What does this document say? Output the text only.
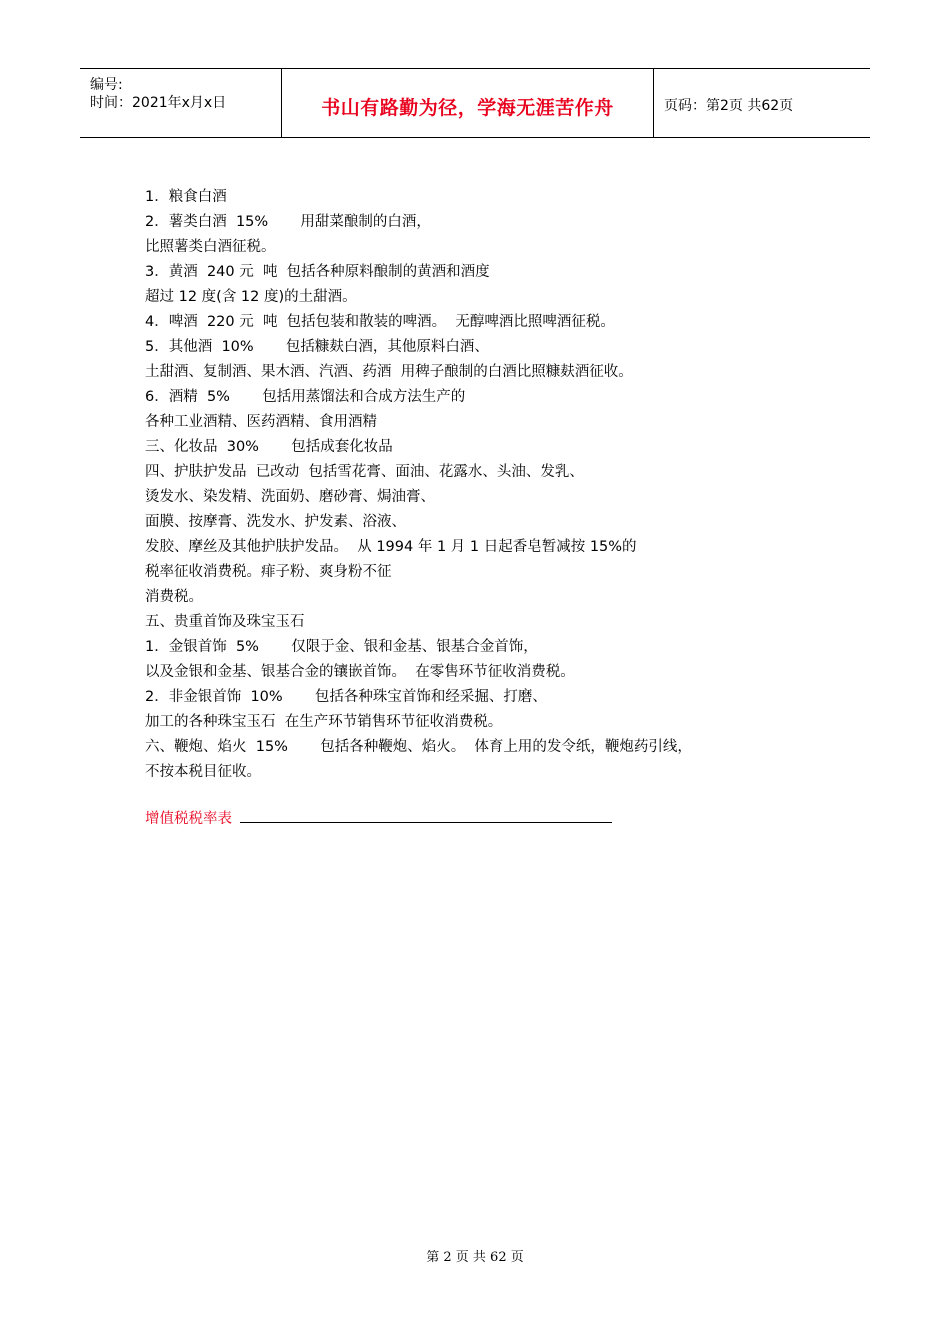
编号:
时间：2021年x月x日	书山有路勤为径，学海无涯苦作舟	页码：第2页 共62页
1．粮食白酒
2．薯类白酒  15%       用甜菜酿制的白酒，
比照薯类白酒征税。
3．黄酒  240 元  吨  包括各种原料酿制的黄酒和酒度
超过 12 度(含 12 度)的土甜酒。
4．啤酒  220 元  吨  包括包装和散装的啤酒。  无醇啤酒比照啤酒征税。
5．其他酒  10%       包括糠麸白酒，其他原料白酒、
土甜酒、复制酒、果木酒、汽酒、药酒  用稗子酿制的白酒比照糠麸酒征收。
6．酒精  5%       包括用蒸馏法和合成方法生产的
各种工业酒精、医药酒精、食用酒精
三、化妆品  30%       包括成套化妆品
四、护肤护发品  已改动  包括雪花膏、面油、花露水、头油、发乳、
烫发水、染发精、洗面奶、磨砂膏、焗油膏、
面膜、按摩膏、洗发水、护发素、浴液、
发胶、摩丝及其他护肤护发品。  从 1994 年 1 月 1 日起香皂暂减按 15%的
税率征收消费税。痱子粉、爽身粉不征
消费税。
五、贵重首饰及珠宝玉石
1．金银首饰  5%       仅限于金、银和金基、银基合金首饰，
以及金银和金基、银基合金的镶嵌首饰。  在零售环节征收消费税。
2．非金银首饰  10%       包括各种珠宝首饰和经采掘、打磨、
加工的各种珠宝玉石  在生产环节销售环节征收消费税。
六、鞭炮、焰火  15%       包括各种鞭炮、焰火。  体育上用的发令纸，鞭炮药引线，
不按本税目征收。
增值税税率表
第 2 页 共 62 页
